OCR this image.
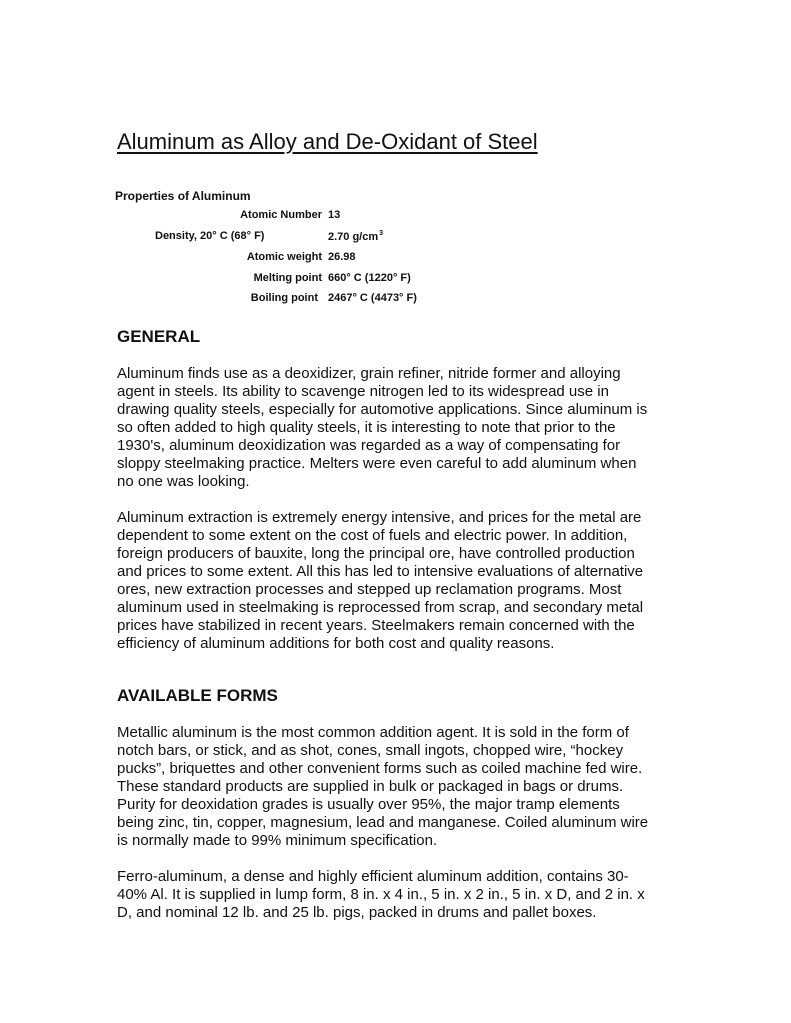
Aluminum as Alloy and De-Oxidant of Steel
Properties of Aluminum
Atomic Number 13
Density, 20° C (68° F)	2.70 $g/cm^3$
Atomic weight 26.98
Melting point 660° C (1220° F)
Boiling point 2467° C (4473° F)
GENERAL
Aluminum finds use as a deoxidizer, grain refiner, nitride former and alloying
agent in steels. Its ability to scavenge nitrogen led to its widespread use in
drawing quality steels, especially for automotive applications. Since aluminum is
so often added to high quality steels, it is interesting to note that prior to the
1930's, aluminum deoxidization was regarded as a way of compensating for
sloppy steelmaking practice. Melters were even careful to add aluminum when
no one was looking.
Aluminum extraction is extremely energy intensive, and prices for the metal are
dependent to some extent on the cost of fuels and electric power. In addition,
foreign producers of bauxite, long the principal ore, have controlled production
and prices to some extent. All this has led to intensive evaluations of alternative
ores, new extraction processes and stepped up reclamation programs. Most
aluminum used in steelmaking is reprocessed from scrap, and secondary metal
prices have stabilized in recent years. Steelmakers remain concerned with the
efficiency of aluminum additions for both cost and quality reasons.
AVAILABLE FORMS
Metallic aluminum is the most common addition agent. It is sold in the form of
notch bars, or stick, and as shot, cones, small ingots, chopped wire, “hockey
pucks”, briquettes and other convenient forms such as coiled machine fed wire.
These standard products are supplied in bulk or packaged in bags or drums.
Purity for deoxidation grades is usually over 95%, the major tramp elements
being zinc, tin, copper, magnesium, lead and manganese. Coiled aluminum wire
is normally made to 99% minimum specification.
Ferro-aluminum, a dense and highly efficient aluminum addition, contains 30-
40% Al. It is supplied in lump form, 8 in. x 4 in., 5 in. x 2 in., 5 in. x D, and 2 in. x
D, and nominal 12 lb. and 25 lb. pigs, packed in drums and pallet boxes.
